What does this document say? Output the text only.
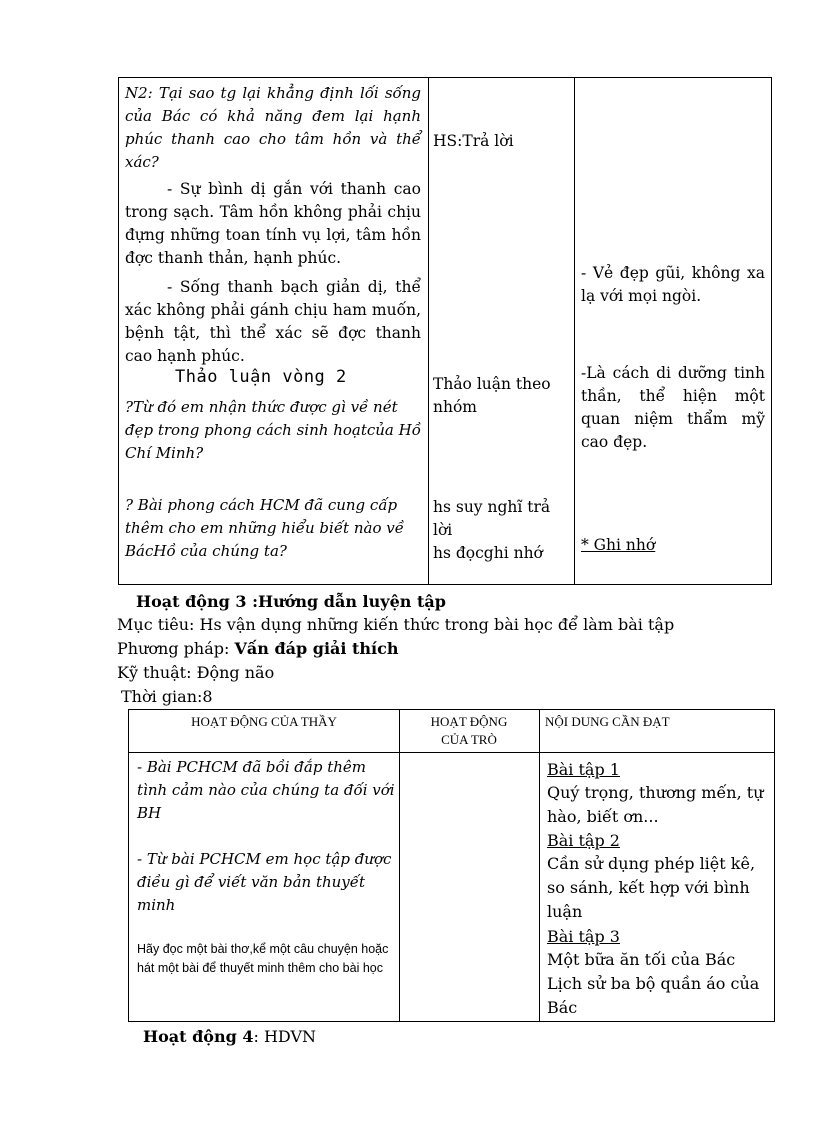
N2: Tại sao tg lại khẳng định lối sống của Bác có khả năng đem lại hạnh phúc thanh cao cho tâm hồn và thể xác?
- Sự bình dị gắn với thanh cao trong sạch. Tâm hồn không phải chịu đựng những toan tính vụ lợi, tâm hồn đợc thanh thản, hạnh phúc.
- Sống thanh bạch giản dị, thể xác không phải gánh chịu ham muốn, bệnh tật, thì thể xác sẽ đợc thanh cao hạnh phúc.
Thảo luận vòng 2
?Từ đó em nhận thức được gì về nét đẹp trong phong cách sinh hoạtcủa Hồ Chí Minh?
? Bài phong cách HCM đã cung cấp thêm cho em những hiểu biết nào về BácHồ của chúng ta?
HS:Trả lời
Thảo luận theo nhóm
hs suy nghĩ trả lời
hs đọcghi nhớ
- Vẻ đẹp gũi, không xa lạ với mọi ngòi.
-Là cách di dưỡng tinh thần, thể hiện một quan niệm thẩm mỹ cao đẹp.
* Ghi nhớ
Hoạt động 3 :Hướng dẫn luyện tập
Mục tiêu: Hs vận dụng những kiến thức trong bài học để làm bài tập
Phương pháp: Vấn đáp giải thích
Kỹ thuật: Động não
Thời gian:8
HOẠT ĐỘNG CỦA THẦY	HOẠT ĐỘNG CỦA TRÒ
NỘI DUNG CẦN ĐẠT
- Bài PCHCM đã bồi đắp thêm tình cảm nào của chúng ta đối với BH
- Từ bài PCHCM em học tập được điều gì để viết văn bản thuyết minh
Hãy đọc một bài thơ,kể một câu chuyện hoặc hát một bài để thuyết minh thêm cho bài học
Bài tập 1
Quý trọng, thương mến, tự hào, biết ơn...
Bài tập 2
Cần sử dụng phép liệt kê, so sánh, kết hợp với bình luận
Bài tập 3
Một bữa ăn tối của Bác
Lịch sử ba bộ quần áo của Bác
Hoạt động 4: HDVN
